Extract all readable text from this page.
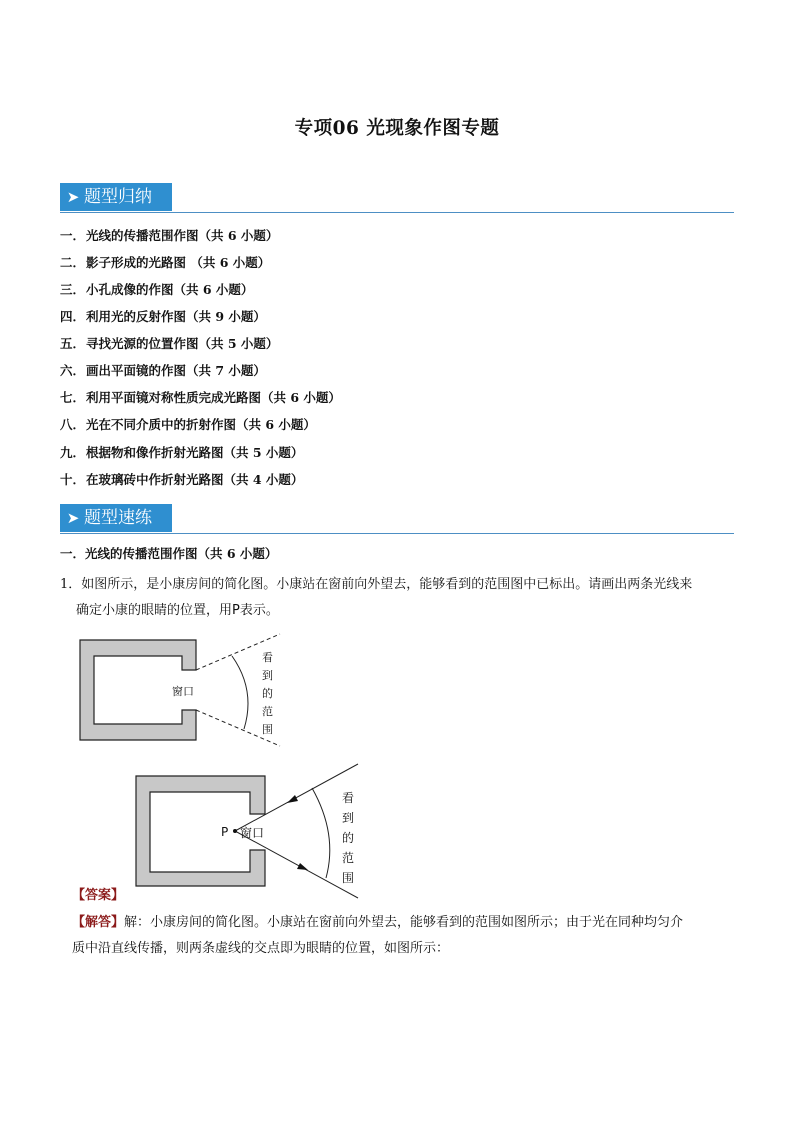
专项06 光现象作图专题
➤ 题型归纳
一．光线的传播范围作图（共 6 小题）
二．影子形成的光路图 （共 6 小题）
三．小孔成像的作图（共 6 小题）
四．利用光的反射作图（共 9 小题）
五．寻找光源的位置作图（共 5 小题）
六．画出平面镜的作图（共 7 小题）
七．利用平面镜对称性质完成光路图（共 6 小题）
八．光在不同介质中的折射作图（共 6 小题）
九．根据物和像作折射光路图（共 5 小题）
十．在玻璃砖中作折射光路图（共 4 小题）
➤ 题型速练
一．光线的传播范围作图（共 6 小题）
1．如图所示，是小康房间的简化图。小康站在窗前向外望去，能够看到的范围图中已标出。请画出两条光线来
确定小康的眼睛的位置，用P表示。
窗口
看
到
的
范
围
P 窗口
看
到
的
范
围
【答案】
【解答】解：小康房间的简化图。小康站在窗前向外望去，能够看到的范围如图所示；由于光在同种均匀介
质中沿直线传播，则两条虚线的交点即为眼睛的位置，如图所示：
